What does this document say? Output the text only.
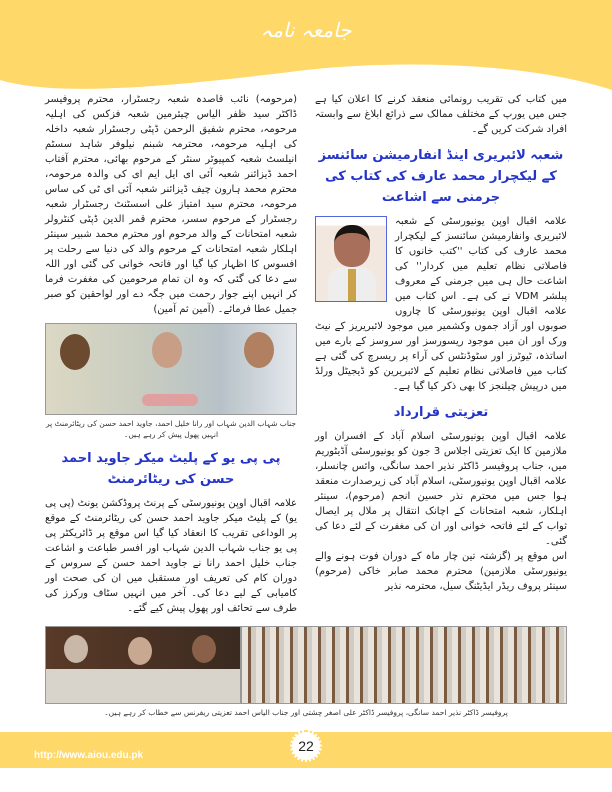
جامعہ نامہ

میں کتاب کی تقریب رونمائی منعقد کرنے کا اعلان کیا ہے جس میں یورپ کے مختلف ممالک سے ذرائع ابلاغ سے وابستہ افراد شرکت کریں گے۔

شعبہ لائبریری اینڈ انفارمیشن سائنسز کے لیکچرار محمد عارف کی کتاب کی جرمنی سے اشاعت

علامہ اقبال اوپن یونیورسٹی کے شعبہ لائبریری وانفارمیشن سائنسز کے لیکچرار محمد عارف کی کتاب ''کتب خانوں کا فاصلاتی نظام تعلیم میں کردار'' کی اشاعت حال ہی میں جرمنی کے معروف پبلشر VDM نے کی ہے۔ اس کتاب میں علامہ اقبال اوپن یونیورسٹی کا چاروں صوبوں اور آزاد جموں وکشمیر میں موجود لائبریریز کے نیٹ ورک اور ان میں موجود ریسورسز اور سروسز کے بارے میں اساتذہ، ٹیوٹرز اور سٹوڈنٹس کی آراء پر ریسرچ کی گئی ہے کتاب میں فاصلاتی نظام تعلیم کے لائبریرین کو ڈیجیٹل ورلڈ میں درپیش چیلنجز کا بھی ذکر کیا گیا ہے۔

تعزیتی قرارداد

علامہ اقبال اوپن یونیورسٹی اسلام آباد کے افسران اور ملازمین کا ایک تعزیتی اجلاس 3 جون کو یونیورسٹی آڈیٹوریم میں، جناب پروفیسر ڈاکٹر نذیر احمد سانگی، وائس چانسلر، علامہ اقبال اوپن یونیورسٹی، اسلام آباد کی زیرصدارت منعقد ہوا جس میں محترم نذر حسین انجم (مرحوم)، سینئر اہلکار، شعبہ امتحانات کے اچانک انتقال پر ملال پر ایصال ثواب کے لئے فاتحہ خوانی اور ان کی مغفرت کے لئے دعا کی گئی۔

اس موقع پر (گزشتہ تین چار ماہ کے دوران فوت ہونے والے یونیورسٹی ملازمین) محترم محمد صابر خاکی (مرحوم) سینئر پروف ریڈر ایڈیٹنگ سیل، محترمہ نذیر

(مرحومہ) نائب قاصدہ شعبہ رجسٹرار، محترم پروفیسر ڈاکٹر سید ظفر الیاس چیئرمین شعبہ فزکس کی اہلیہ مرحومہ، محترم شفیق الرحمن ڈپٹی رجسٹرار شعبہ داخلہ کی اہلیہ مرحومہ، محترمہ شبنم نیلوفر شاہد سسٹم انیلسٹ شعبہ کمپیوٹر سنٹر کے مرحوم بھائی، محترم آفتاب احمد ڈیزائنر شعبہ آئی ای ایل ایم ای کی والدہ مرحومہ، محترم محمد ہارون چیف ڈیزائنر شعبہ آئی ای ٹی کی ساس مرحومہ، محترم سید امتیاز علی اسسٹنٹ رجسٹرار شعبہ رجسٹرار کے مرحوم سسر، محترم قمر الدین ڈپٹی کنٹرولر شعبہ امتحانات کے والد مرحوم اور محترم محمد شبیر سینئر اہلکار شعبہ امتحانات کے مرحوم والد کی دنیا سے رحلت پر افسوس کا اظہار کیا گیا اور فاتحہ خوانی کی گئی اور اللہ سے دعا کی گئی کہ وہ ان تمام مرحومین کی مغفرت فرما کر انہیں اپنے جوار رحمت میں جگہ دے اور لواحقین کو صبر جمیل عطا فرمائے۔ (آمین ثم آمین)

جناب شہاب الدین شہاب اور رانا خلیل احمد، جاوید احمد حسن کی ریٹائرمنٹ پر انہیں پھول پیش کر رہے ہیں۔
پی پی یو کے پلیٹ میکر جاوید احمد حسن کی ریٹائرمنٹ

علامہ اقبال اوپن یونیورسٹی کے پرنٹ پروڈکشن یونٹ (پی پی یو) کے پلیٹ میکر جاوید احمد حسن کی ریٹائرمنٹ کے موقع پر الوداعی تقریب کا انعقاد کیا گیا اس موقع پر ڈائریکٹر پی پی یو جناب شہاب الدین شہاب اور افسر طباعت و اشاعت جناب خلیل احمد رانا نے جاوید احمد حسن کے سروس کے دوران کام کی تعریف اور مستقبل میں ان کی صحت اور کامیابی کے لیے دعا کی۔ آخر میں انہیں سٹاف ورکرز کی طرف سے تحائف اور پھول پیش کیے گئے۔

پروفیسر ڈاکٹر نذیر احمد سانگی، پروفیسر ڈاکٹر علی اصغر چشتی اور جناب الیاس احمد تعزیتی ریفرنس سے خطاب کر رہے ہیں۔
22
http://www.aiou.edu.pk
